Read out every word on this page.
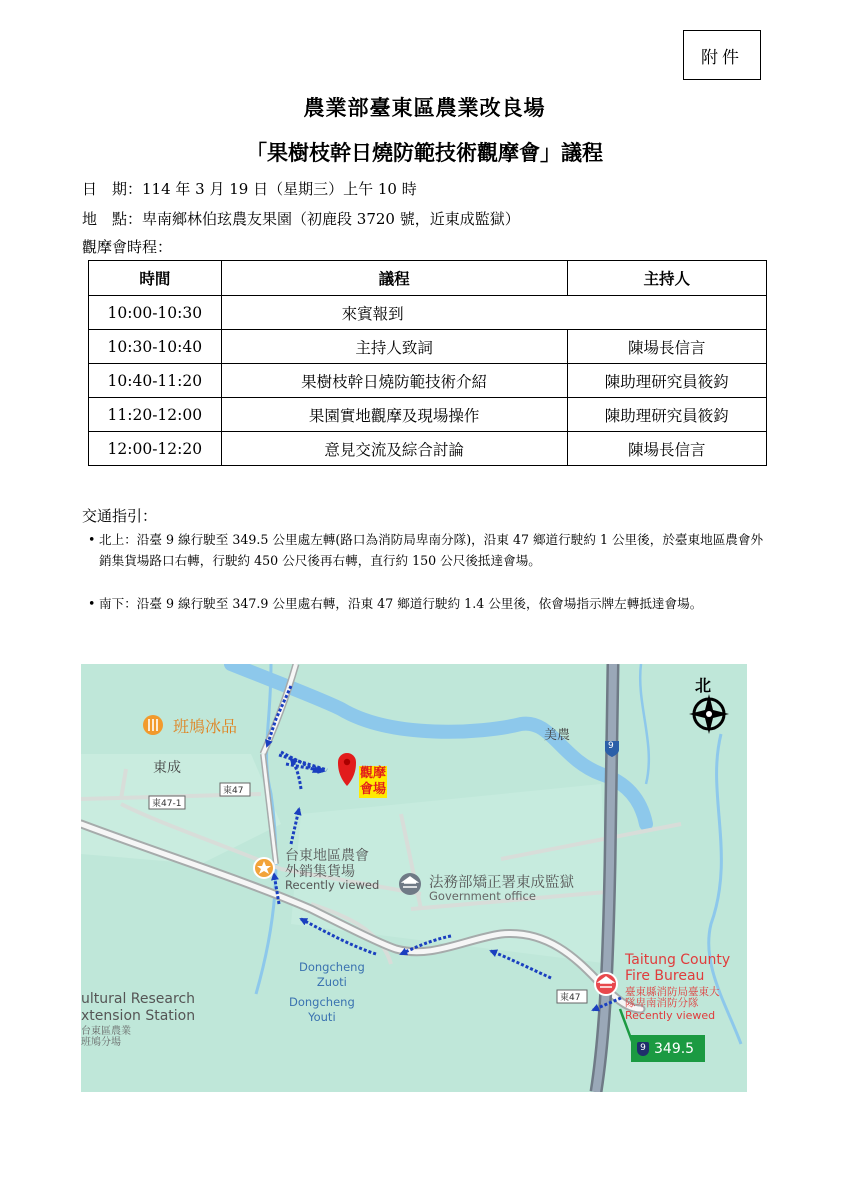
附件
農業部臺東區農業改良場
「果樹枝幹日燒防範技術觀摩會」議程
日　期：114 年 3 月 19 日（星期三）上午 10 時
地　點：卑南鄉林伯玹農友果園（初鹿段 3720 號，近東成監獄）
觀摩會時程：
時間	議程	主持人
10:00-10:30	來賓報到	
10:30-10:40	主持人致詞	陳場長信言
10:40-11:20	果樹枝幹日燒防範技術介紹	陳助理研究員筱鈞
11:20-12:00	果園實地觀摩及現場操作	陳助理研究員筱鈞
12:00-12:20	意見交流及綜合討論	陳場長信言
交通指引：
• 北上：沿臺 9 線行駛至 349.5 公里處左轉(路口為消防局卑南分隊)，沿東 47 鄉道行駛約 1 公里後，於臺東地區農會外銷集貨場路口右轉，行駛約 450 公尺後再右轉，直行約 150 公尺後抵達會場。
• 南下：沿臺 9 線行駛至 347.9 公里處右轉，沿東 47 鄉道行駛約 1.4 公里後，依會場指示牌左轉抵達會場。
北
班鳩冰品
東成
美農
東47
東47-1
東47
9
觀摩
會場
台東地區農會
外銷集貨場
Recently viewed	法務部矯正署東成監獄
Government office
Taitung County
Fire Bureau
臺東縣消防局臺東大
隊卑南消防分隊
Recently viewed
Dongcheng
Zuoti
Dongcheng
Youti
ultural Research
xtension Station
台東區農業
班鳩分場	9 349.5
